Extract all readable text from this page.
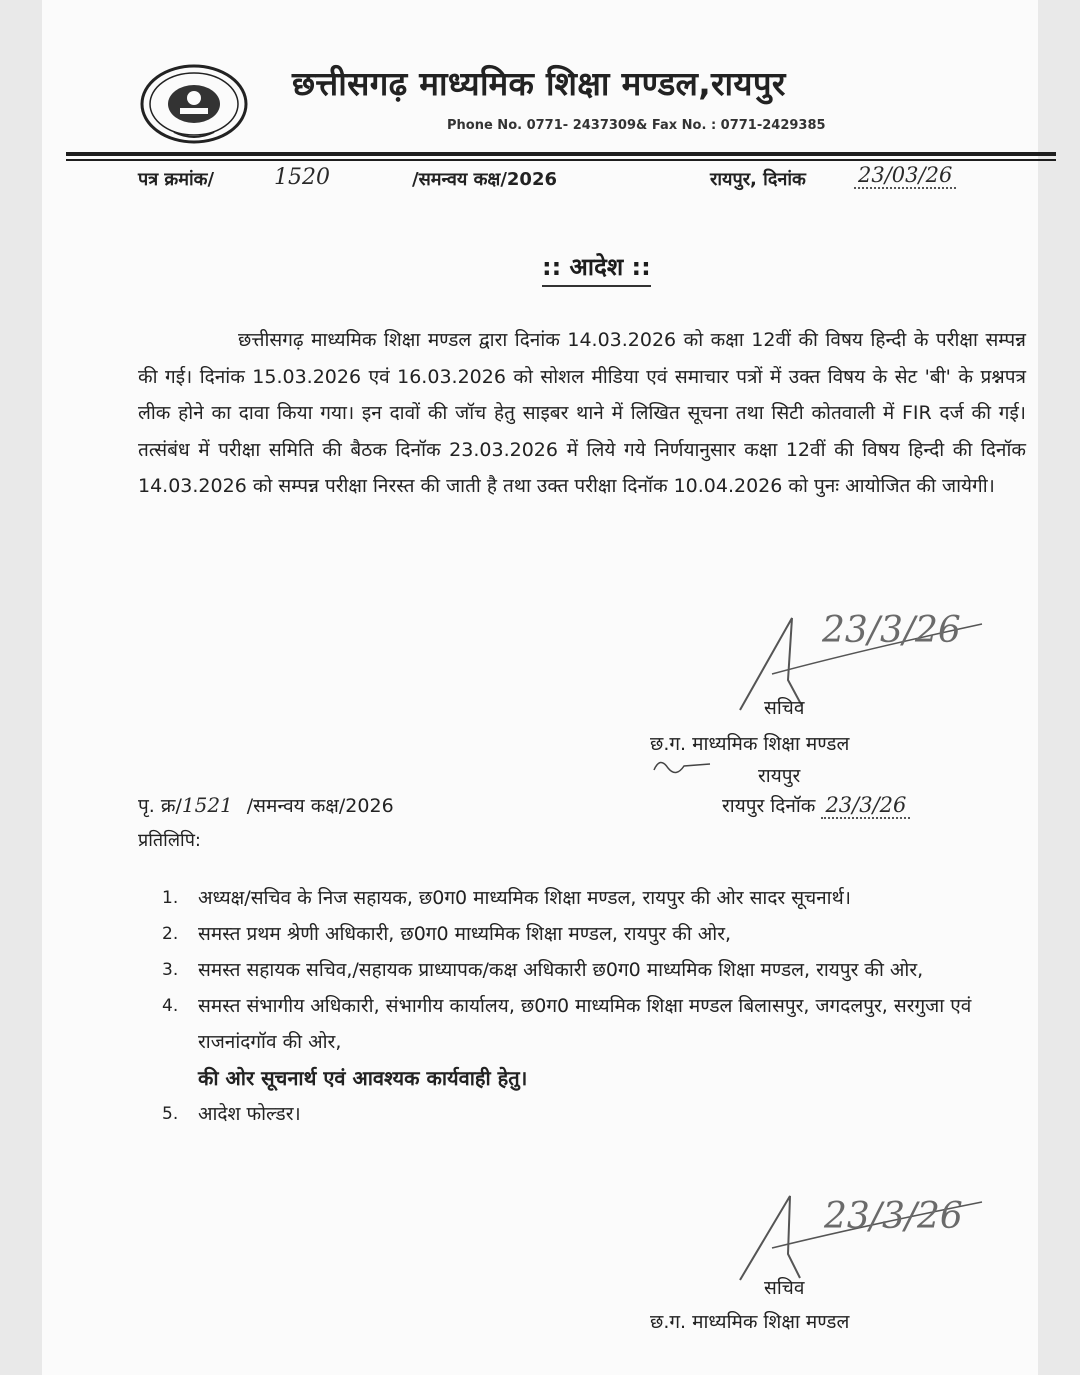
छत्तीसगढ़ माध्यमिक शिक्षा मण्डल,रायपुर
Phone No. 0771- 2437309& Fax No. : 0771-2429385
पत्र क्रमांक/	1520	/समन्वय कक्ष/2026	रायपुर, दिनांक 23/03/26
:: आदेश ::
छत्तीसगढ़ माध्यमिक शिक्षा मण्डल द्वारा दिनांक 14.03.2026 को कक्षा 12वीं की विषय हिन्दी के परीक्षा सम्पन्न की गई। दिनांक 15.03.2026 एवं 16.03.2026 को सोशल मीडिया एवं समाचार पत्रों में उक्त विषय के सेट 'बी' के प्रश्नपत्र लीक होने का दावा किया गया। इन दावों की जॉच हेतु साइबर थाने में लिखित सूचना तथा सिटी कोतवाली में FIR दर्ज की गई। तत्संबंध में परीक्षा समिति की बैठक दिनॉक 23.03.2026 में लिये गये निर्णयानुसार कक्षा 12वीं की विषय हिन्दी की दिनॉक 14.03.2026 को सम्पन्न परीक्षा निरस्त की जाती है तथा उक्त परीक्षा दिनॉक 10.04.2026 को पुनः आयोजित की जायेगी।
23/3/26
सचिव
छ.ग. माध्यमिक शिक्षा मण्डल
रायपुर
पृ. क्र/1521 /समन्वय कक्ष/2026	रायपुर दिनॉक 23/3/26
प्रतिलिपि:
1.	अध्यक्ष/सचिव के निज सहायक, छ0ग0 माध्यमिक शिक्षा मण्डल, रायपुर की ओर सादर सूचनार्थ।
2.	समस्त प्रथम श्रेणी अधिकारी, छ0ग0 माध्यमिक शिक्षा मण्डल, रायपुर की ओर,
3.	समस्त सहायक सचिव,/सहायक प्राध्यापक/कक्ष अधिकारी छ0ग0 माध्यमिक शिक्षा मण्डल, रायपुर की ओर,
4.	समस्त संभागीय अधिकारी, संभागीय कार्यालय, छ0ग0 माध्यमिक शिक्षा मण्डल बिलासपुर, जगदलपुर, सरगुजा एवं राजनांदगॉव की ओर,
की ओर सूचनार्थ एवं आवश्यक कार्यवाही हेतु।
5.	आदेश फोल्डर।
23/3/26
सचिव
छ.ग. माध्यमिक शिक्षा मण्डल
